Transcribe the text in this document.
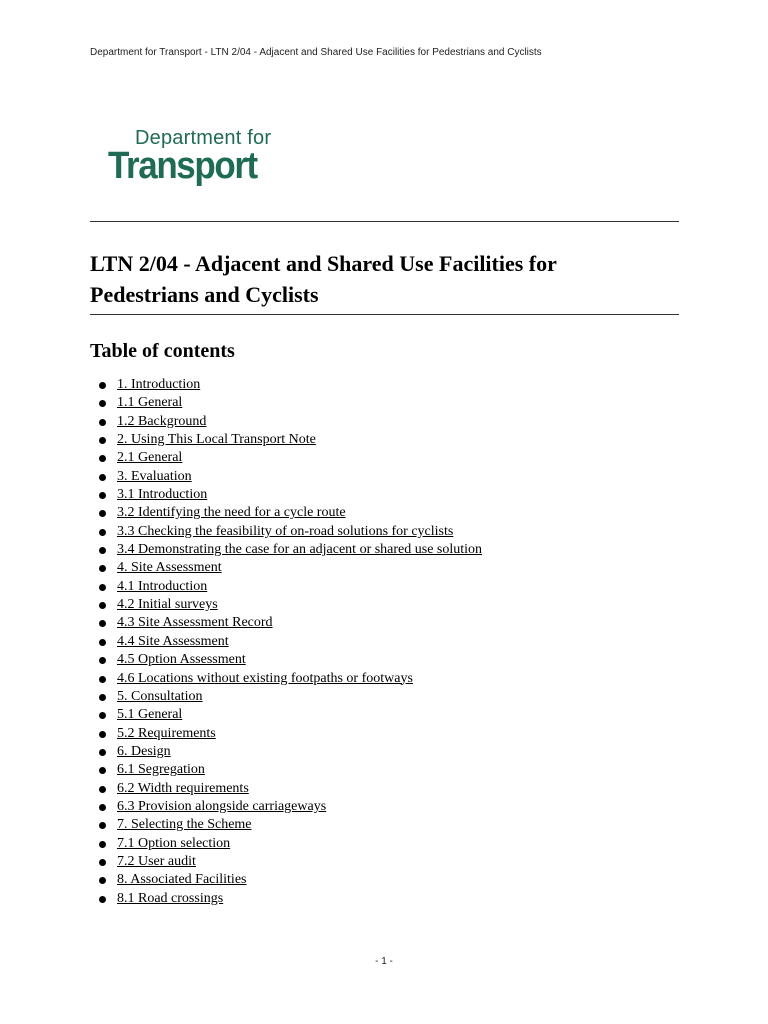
Department for Transport - LTN 2/04 - Adjacent and Shared Use Facilities for Pedestrians and Cyclists
Department for
Transport
LTN 2/04 - Adjacent and Shared Use Facilities for Pedestrians and Cyclists
Table of contents
1. Introduction
1.1 General
1.2 Background
2. Using This Local Transport Note
2.1 General
3. Evaluation
3.1 Introduction
3.2 Identifying the need for a cycle route
3.3 Checking the feasibility of on-road solutions for cyclists
3.4 Demonstrating the case for an adjacent or shared use solution
4. Site Assessment
4.1 Introduction
4.2 Initial surveys
4.3 Site Assessment Record
4.4 Site Assessment
4.5 Option Assessment
4.6 Locations without existing footpaths or footways
5. Consultation
5.1 General
5.2 Requirements
6. Design
6.1 Segregation
6.2 Width requirements
6.3 Provision alongside carriageways
7. Selecting the Scheme
7.1 Option selection
7.2 User audit
8. Associated Facilities
8.1 Road crossings
- 1 -
